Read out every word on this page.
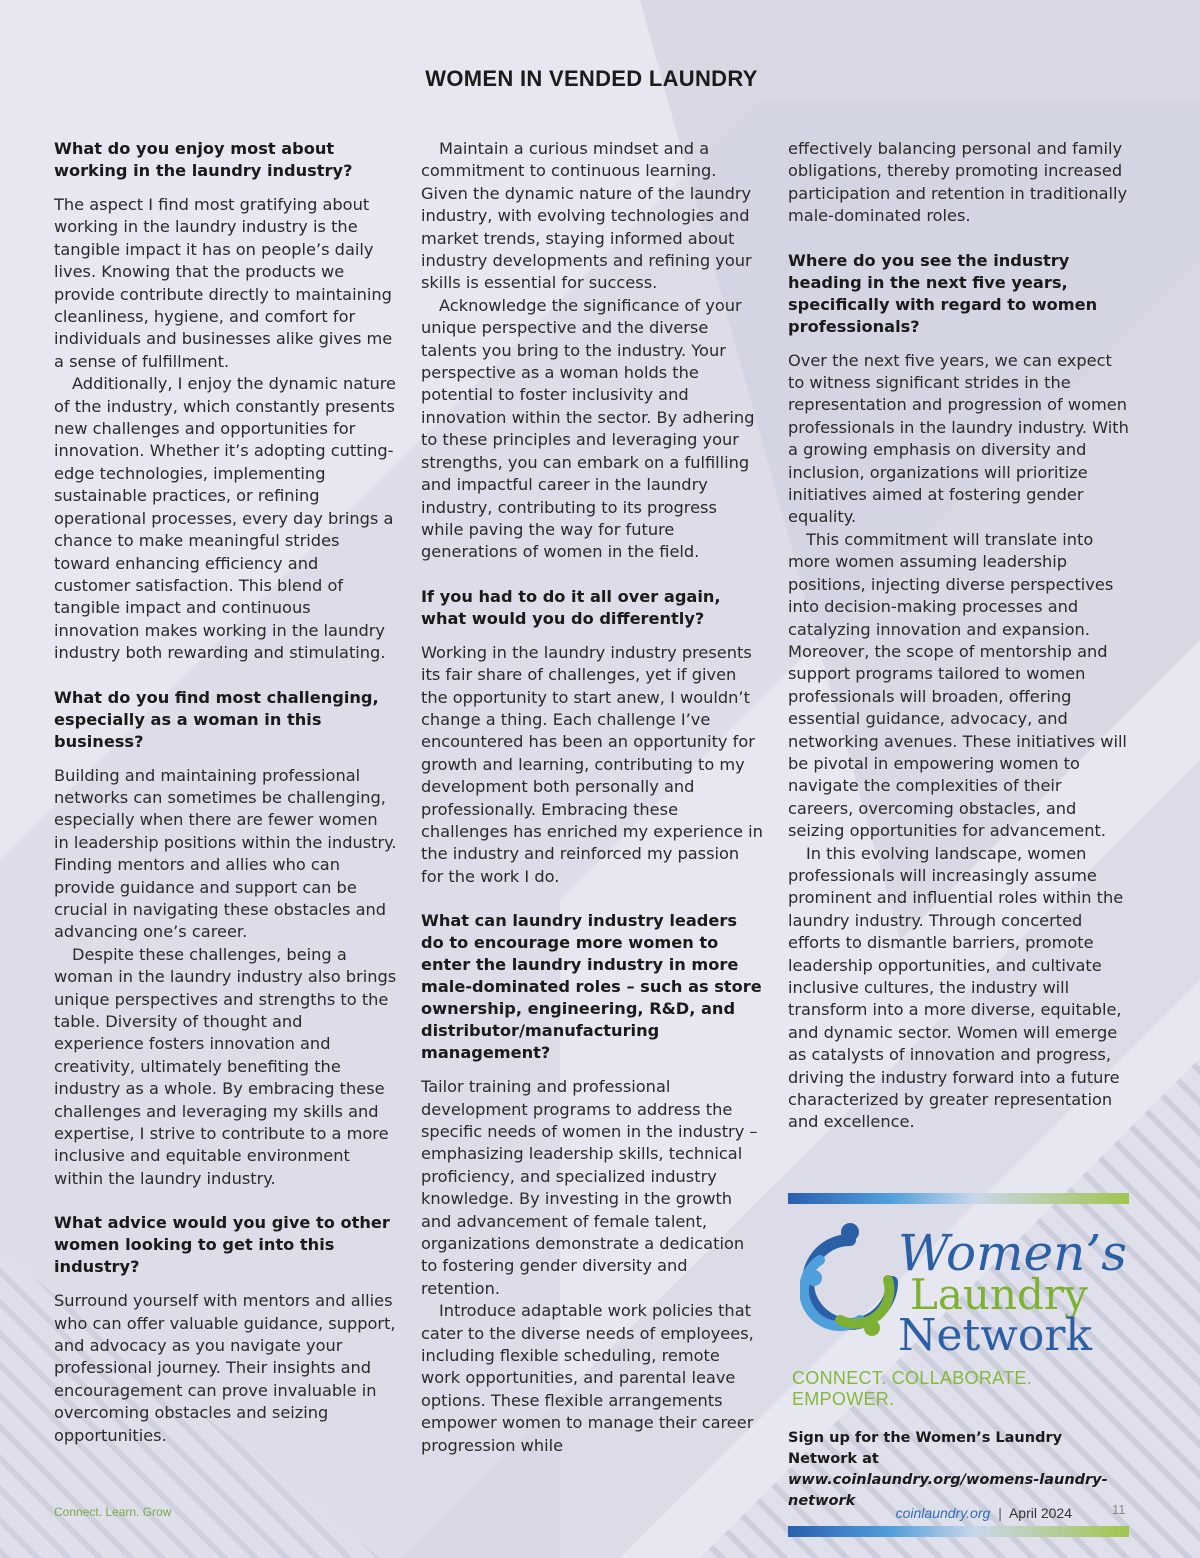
WOMEN IN VENDED LAUNDRY
What do you enjoy most about working in the laundry industry?

The aspect I find most gratifying about working in the laundry industry is the tangible impact it has on people’s daily lives. Knowing that the products we provide contribute directly to maintaining cleanliness, hygiene, and comfort for individuals and businesses alike gives me a sense of fulfillment.

Additionally, I enjoy the dynamic nature of the industry, which constantly presents new challenges and opportunities for innovation. Whether it’s adopting cutting-edge technologies, implementing sustainable practices, or refining operational processes, every day brings a chance to make meaningful strides toward enhancing efficiency and customer satisfaction. This blend of tangible impact and continuous innovation makes working in the laundry industry both rewarding and stimulating.

What do you find most challenging, especially as a woman in this business?

Building and maintaining professional networks can sometimes be challenging, especially when there are fewer women in leadership positions within the industry. Finding mentors and allies who can provide guidance and support can be crucial in navigating these obstacles and advancing one’s career.

Despite these challenges, being a woman in the laundry industry also brings unique perspectives and strengths to the table. Diversity of thought and experience fosters innovation and creativity, ultimately benefiting the industry as a whole. By embracing these challenges and leveraging my skills and expertise, I strive to contribute to a more inclusive and equitable environment within the laundry industry.

What advice would you give to other women looking to get into this industry?

Surround yourself with mentors and allies who can offer valuable guidance, support, and advocacy as you navigate your professional journey. Their insights and encouragement can prove invaluable in overcoming obstacles and seizing opportunities.

Maintain a curious mindset and a commitment to continuous learning. Given the dynamic nature of the laundry industry, with evolving technologies and market trends, staying informed about industry developments and refining your skills is essential for success.

Acknowledge the significance of your unique perspective and the diverse talents you bring to the industry. Your perspective as a woman holds the potential to foster inclusivity and innovation within the sector. By adhering to these principles and leveraging your strengths, you can embark on a fulfilling and impactful career in the laundry industry, contributing to its progress while paving the way for future generations of women in the field.

If you had to do it all over again, what would you do differently?

Working in the laundry industry presents its fair share of challenges, yet if given the opportunity to start anew, I wouldn’t change a thing. Each challenge I’ve encountered has been an opportunity for growth and learning, contributing to my development both personally and professionally. Embracing these challenges has enriched my experience in the industry and reinforced my passion for the work I do.

What can laundry industry leaders do to encourage more women to enter the laundry industry in more male-dominated roles – such as store ownership, engineering, R&D, and distributor/manufacturing management?

Tailor training and professional development programs to address the specific needs of women in the industry – emphasizing leadership skills, technical proficiency, and specialized industry knowledge. By investing in the growth and advancement of female talent, organizations demonstrate a dedication to fostering gender diversity and retention.

Introduce adaptable work policies that cater to the diverse needs of employees, including flexible scheduling, remote work opportunities, and parental leave options. These flexible arrangements empower women to manage their career progression while

effectively balancing personal and family obligations, thereby promoting increased participation and retention in traditionally male-dominated roles.

Where do you see the industry heading in the next five years, specifically with regard to women professionals?

Over the next five years, we can expect to witness significant strides in the representation and progression of women professionals in the laundry industry. With a growing emphasis on diversity and inclusion, organizations will prioritize initiatives aimed at fostering gender equality.

This commitment will translate into more women assuming leadership positions, injecting diverse perspectives into decision-making processes and catalyzing innovation and expansion. Moreover, the scope of mentorship and support programs tailored to women professionals will broaden, offering essential guidance, advocacy, and networking avenues. These initiatives will be pivotal in empowering women to navigate the complexities of their careers, overcoming obstacles, and seizing opportunities for advancement.

In this evolving landscape, women professionals will increasingly assume prominent and influential roles within the laundry industry. Through concerted efforts to dismantle barriers, promote leadership opportunities, and cultivate inclusive cultures, the industry will transform into a more diverse, equitable, and dynamic sector. Women will emerge as catalysts of innovation and progress, driving the industry forward into a future characterized by greater representation and excellence.

Women’s
Laundry
Network
CONNECT. COLLABORATE. EMPOWER.
Sign up for the Women’s Laundry Network at
www.coinlaundry.org/womens-laundry-network
Connect. Learn. Grow	coinlaundry.org | April 2024	11
